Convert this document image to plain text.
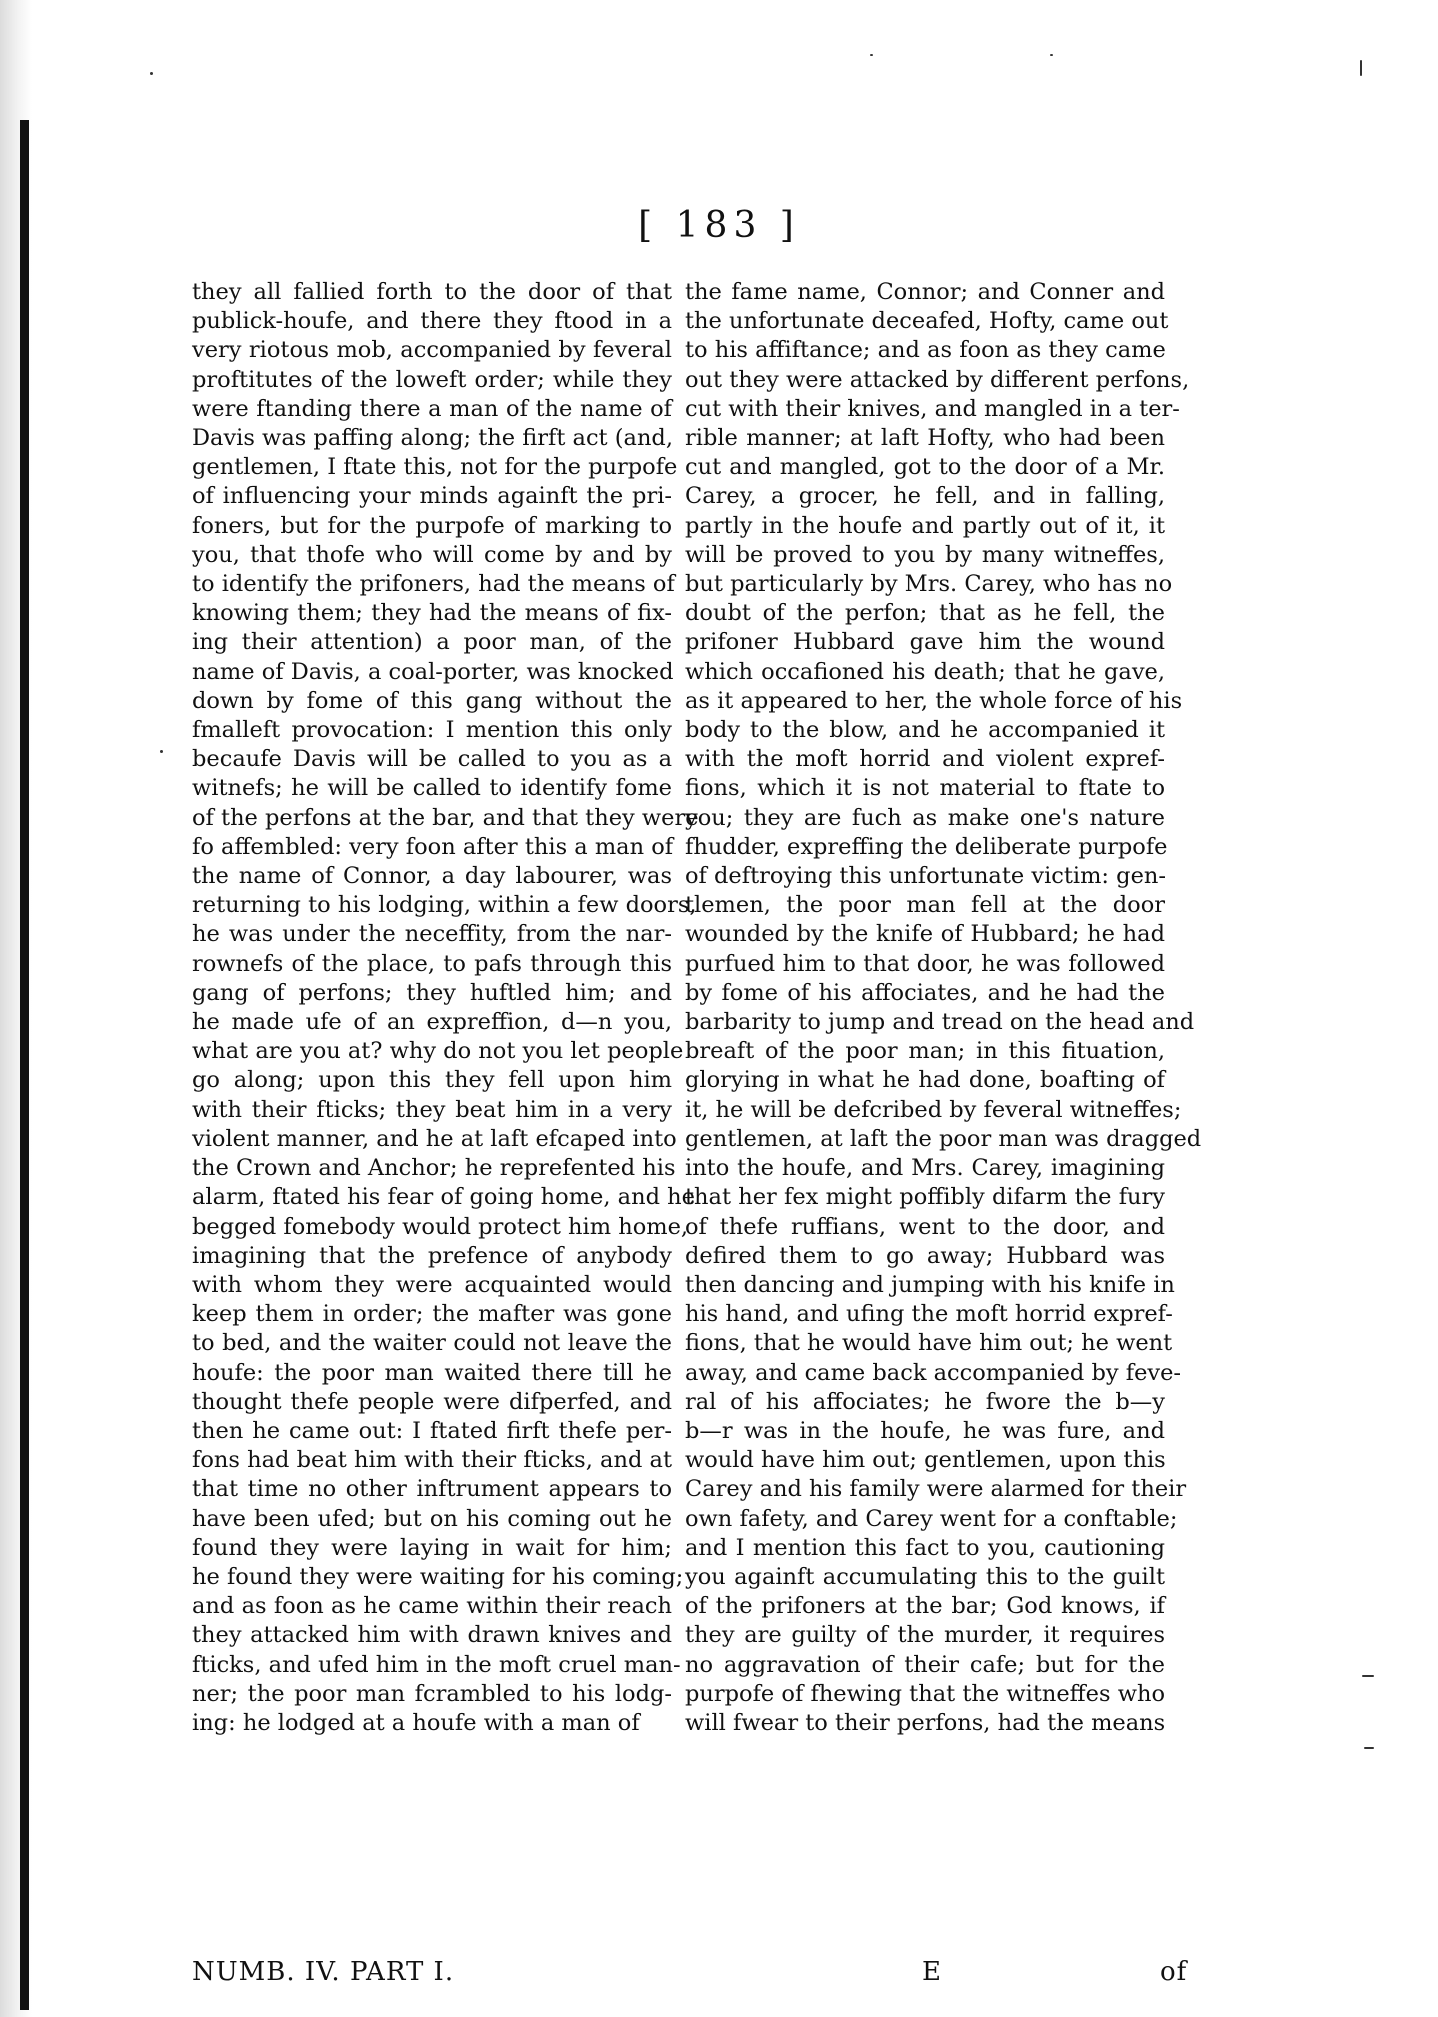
[ 183 ]
they all fallied forth to the door of that
publick-houfe, and there they ftood in a
very riotous mob, accompanied by feveral
proftitutes of the loweft order; while they
were ftanding there a man of the name of
Davis was paffing along; the firft act (and,
gentlemen, I ftate this, not for the purpofe
of influencing your minds againft the pri-
foners, but for the purpofe of marking to
you, that thofe who will come by and by
to identify the prifoners, had the means of
knowing them; they had the means of fix-
ing their attention) a poor man, of the
name of Davis, a coal-porter, was knocked
down by fome of this gang without the
fmalleft provocation: I mention this only
becaufe Davis will be called to you as a
witnefs; he will be called to identify fome
of the perfons at the bar, and that they were
fo affembled: very foon after this a man of
the name of Connor, a day labourer, was
returning to his lodging, within a few doors,
he was under the neceffity, from the nar-
rownefs of the place, to pafs through this
gang of perfons; they huftled him; and
he made ufe of an expreffion, d—n you,
what are you at? why do not you let people
go along; upon this they fell upon him
with their fticks; they beat him in a very
violent manner, and he at laft efcaped into
the Crown and Anchor; he reprefented his
alarm, ftated his fear of going home, and he
begged fomebody would protect him home,
imagining that the prefence of anybody
with whom they were acquainted would
keep them in order; the mafter was gone
to bed, and the waiter could not leave the
houfe: the poor man waited there till he
thought thefe people were difperfed, and
then he came out: I ftated firft thefe per-
fons had beat him with their fticks, and at
that time no other inftrument appears to
have been ufed; but on his coming out he
found they were laying in wait for him;
he found they were waiting for his coming;
and as foon as he came within their reach
they attacked him with drawn knives and
fticks, and ufed him in the moft cruel man-
ner; the poor man fcrambled to his lodg-
ing: he lodged at a houfe with a man of
the fame name, Connor; and Conner and
the unfortunate deceafed, Hofty, came out
to his affiftance; and as foon as they came
out they were attacked by different perfons,
cut with their knives, and mangled in a ter-
rible manner; at laft Hofty, who had been
cut and mangled, got to the door of a Mr.
Carey, a grocer, he fell, and in falling,
partly in the houfe and partly out of it, it
will be proved to you by many witneffes,
but particularly by Mrs. Carey, who has no
doubt of the perfon; that as he fell, the
prifoner Hubbard gave him the wound
which occafioned his death; that he gave,
as it appeared to her, the whole force of his
body to the blow, and he accompanied it
with the moft horrid and violent expref-
fions, which it is not material to ftate to
you; they are fuch as make one's nature
fhudder, expreffing the deliberate purpofe
of deftroying this unfortunate victim: gen-
tlemen, the poor man fell at the door
wounded by the knife of Hubbard; he had
purfued him to that door, he was followed
by fome of his affociates, and he had the
barbarity to jump and tread on the head and
breaft of the poor man; in this fituation,
glorying in what he had done, boafting of
it, he will be defcribed by feveral witneffes;
gentlemen, at laft the poor man was dragged
into the houfe, and Mrs. Carey, imagining
that her fex might poffibly difarm the fury
of thefe ruffians, went to the door, and
defired them to go away; Hubbard was
then dancing and jumping with his knife in
his hand, and ufing the moft horrid expref-
fions, that he would have him out; he went
away, and came back accompanied by feve-
ral of his affociates; he fwore the b—y
b—r was in the houfe, he was fure, and
would have him out; gentlemen, upon this
Carey and his family were alarmed for their
own fafety, and Carey went for a conftable;
and I mention this fact to you, cautioning
you againft accumulating this to the guilt
of the prifoners at the bar; God knows, if
they are guilty of the murder, it requires
no aggravation of their cafe; but for the
purpofe of fhewing that the witneffes who
will fwear to their perfons, had the means
NUMB. IV. PART I.	E	of
